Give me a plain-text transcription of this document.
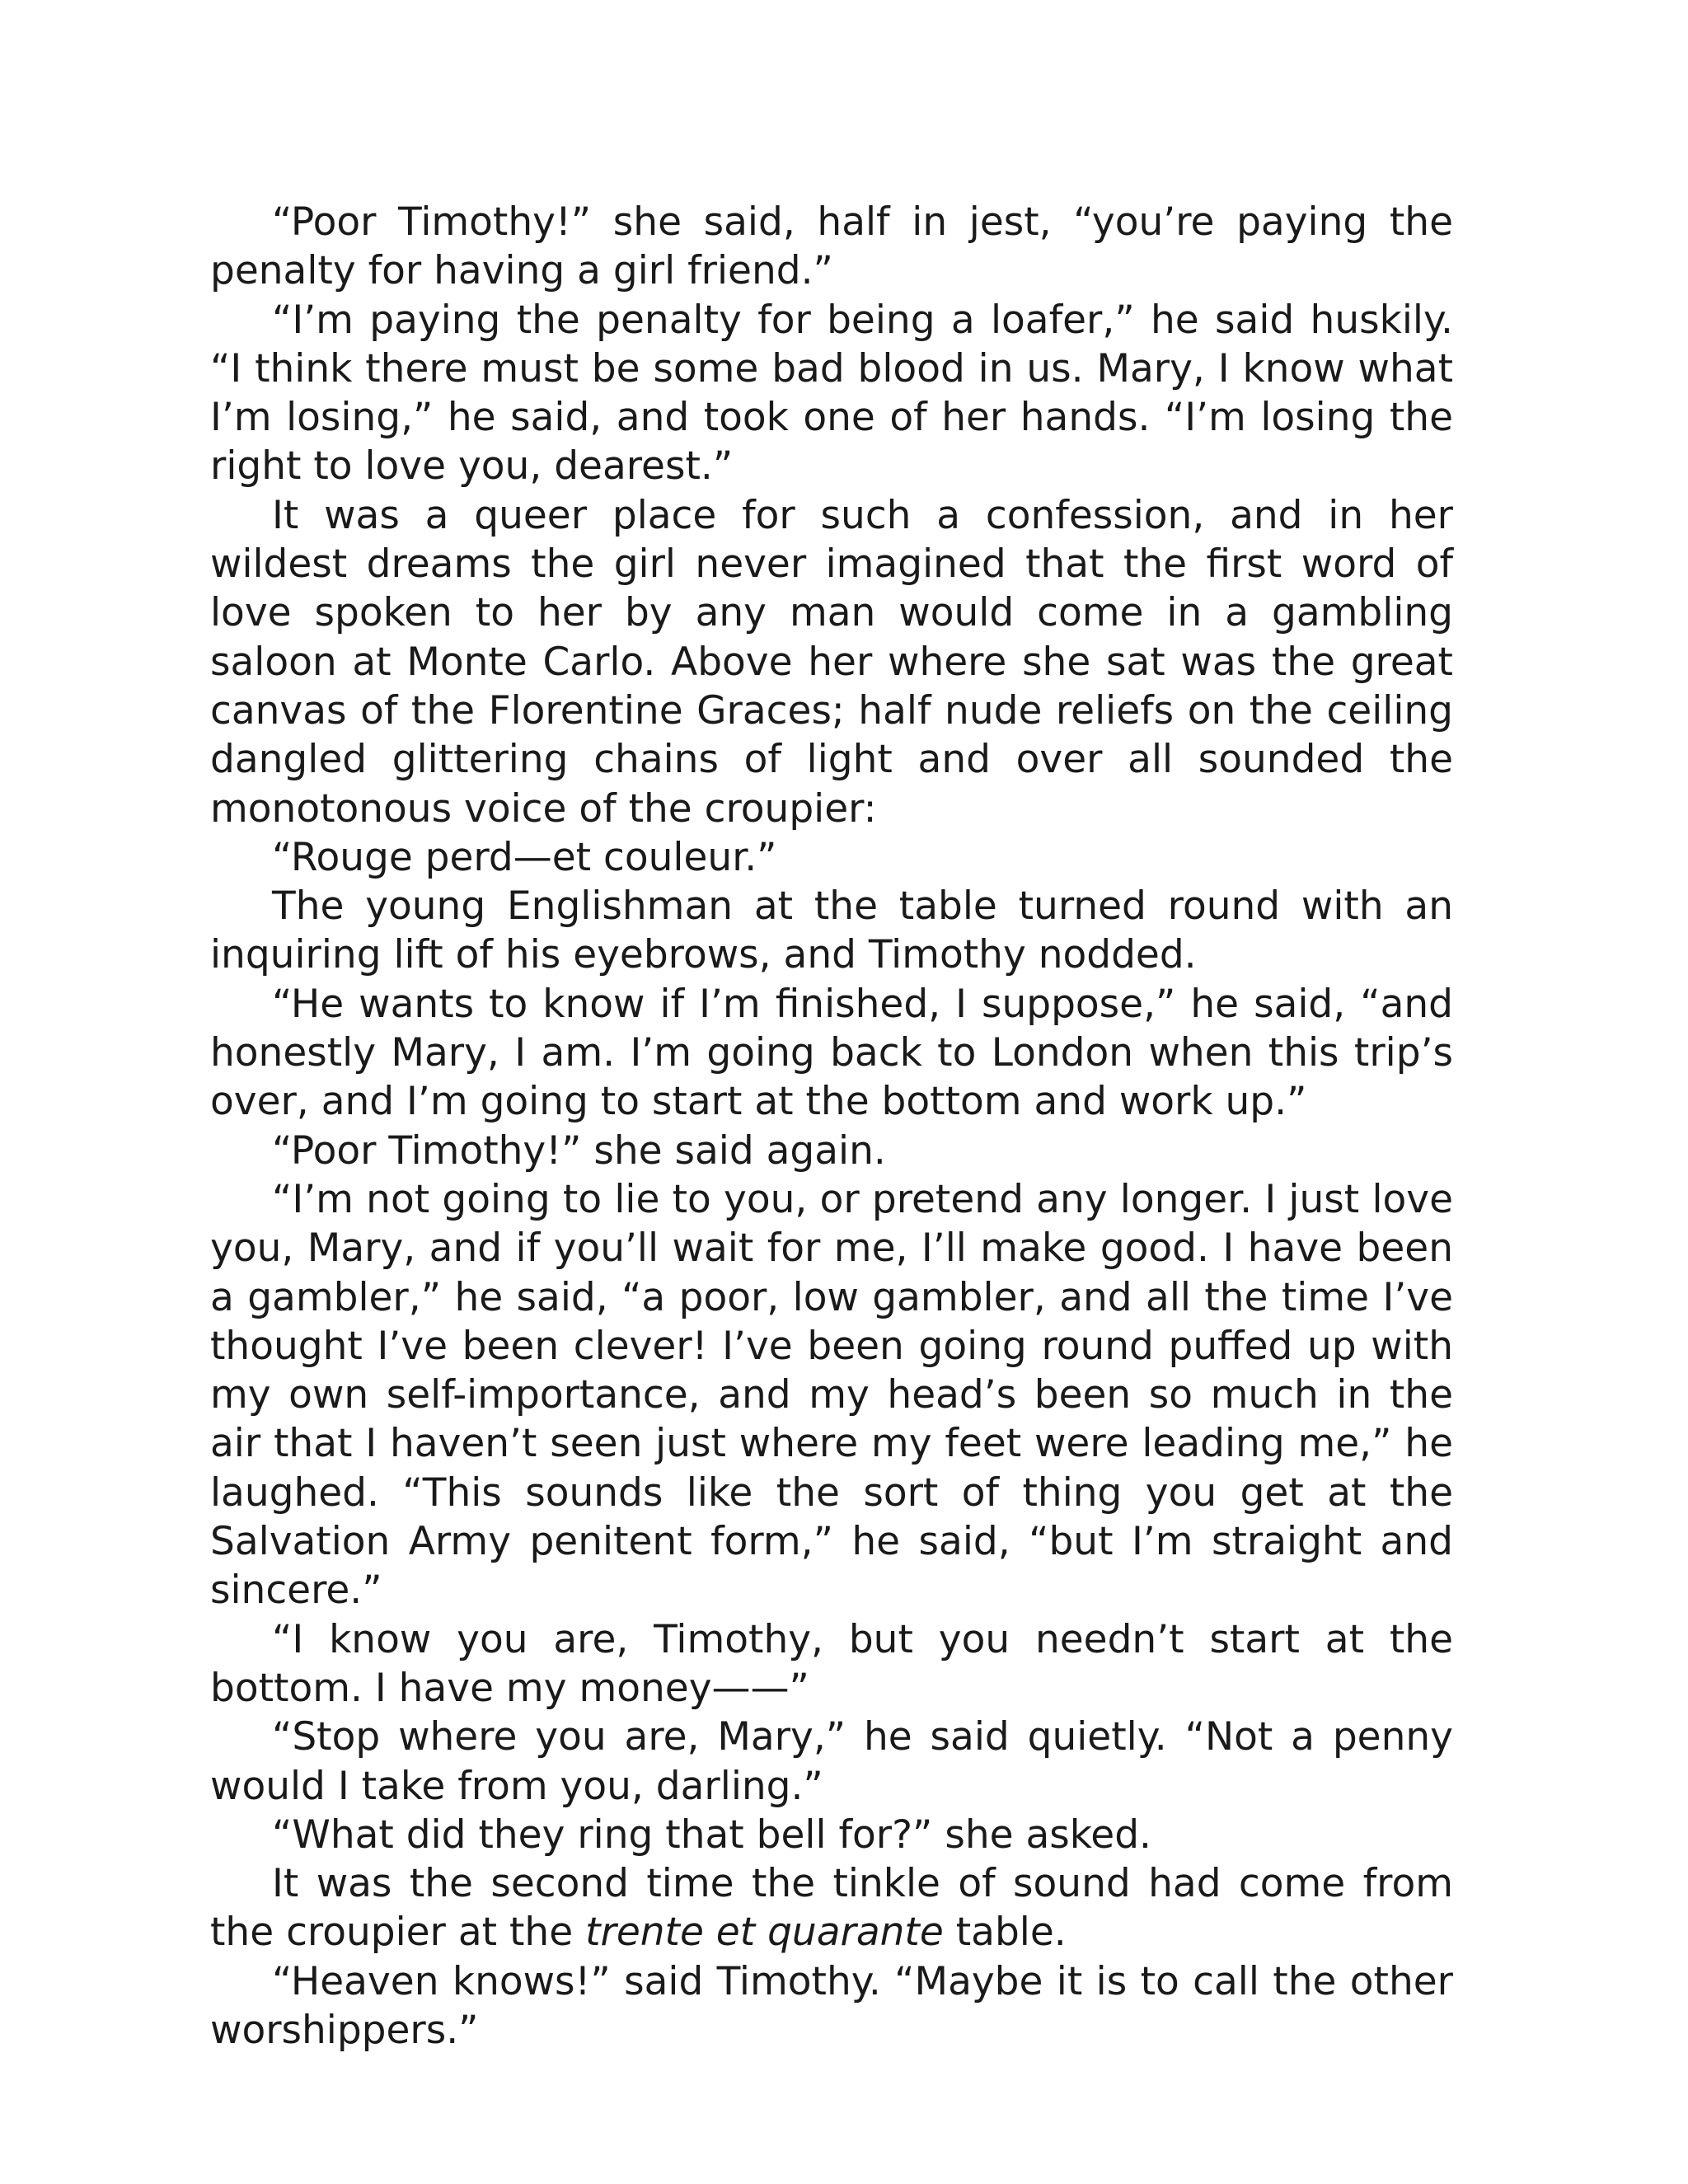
“Poor Timothy!” she said, half in jest, “you’re paying the penalty for having a girl friend.”

“I’m paying the penalty for being a loafer,” he said huskily. “I think there must be some bad blood in us. Mary, I know what I’m losing,” he said, and took one of her hands. “I’m losing the right to love you, dearest.”

It was a queer place for such a confession, and in her wildest dreams the girl never imagined that the first word of love spoken to her by any man would come in a gambling saloon at Monte Carlo. Above her where she sat was the great canvas of the Florentine Graces; half nude reliefs on the ceiling dangled glittering chains of light and over all sounded the monotonous voice of the croupier:

“Rouge perd—et couleur.”

The young Englishman at the table turned round with an inquiring lift of his eyebrows, and Timothy nodded.

“He wants to know if I’m finished, I suppose,” he said, “and honestly Mary, I am. I’m going back to London when this trip’s over, and I’m going to start at the bottom and work up.”

“Poor Timothy!” she said again.

“I’m not going to lie to you, or pretend any longer. I just love you, Mary, and if you’ll wait for me, I’ll make good. I have been a gambler,” he said, “a poor, low gambler, and all the time I’ve thought I’ve been clever! I’ve been going round puffed up with my own self-importance, and my head’s been so much in the air that I haven’t seen just where my feet were leading me,” he laughed. “This sounds like the sort of thing you get at the Salvation Army penitent form,” he said, “but I’m straight and sincere.”

“I know you are, Timothy, but you needn’t start at the bottom. I have my money——”

“Stop where you are, Mary,” he said quietly. “Not a penny would I take from you, darling.”

“What did they ring that bell for?” she asked.

It was the second time the tinkle of sound had come from the croupier at the trente et quarante table.

“Heaven knows!” said Timothy. “Maybe it is to call the other worshippers.”
